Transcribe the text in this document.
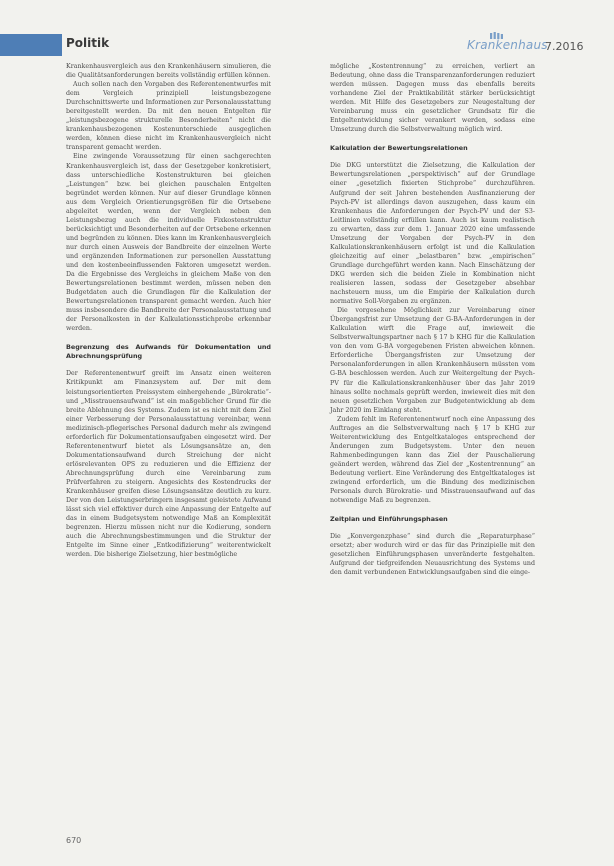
Politik	Krankenhaus
7.2016

Krankenhausvergleich aus den Krankenhäusern simulieren, die die Qualitätsanforderungen bereits vollständig erfüllen können.

Auch sollen nach den Vorgaben des Referentenentwurfes mit dem Vergleich prinzipiell leistungsbezogene Durchschnittswerte und Informationen zur Personalausstattung bereitgestellt werden. Da mit den neuen Entgelten für „leistungsbezogene strukturelle Besonderheiten“ nicht die krankenhausbezogenen Kostenunterschiede ausgeglichen werden, können diese nicht im Krankenhausvergleich nicht transparent gemacht werden.

Eine zwingende Voraussetzung für einen sachgerechten Krankenhausvergleich ist, dass der Gesetzgeber konkretisiert, dass unterschiedliche Kostenstrukturen bei gleichen „Leistungen“ bzw. bei gleichen pauschalen Entgelten begründet werden können. Nur auf dieser Grundlage können aus dem Vergleich Orientierungsgrößen für die Ortsebene abgeleitet werden, wenn der Vergleich neben den Leistungsbezug auch die individuelle Fixkostenstruktur berücksichtigt und Besonderheiten auf der Ortsebene erkennen und begründen zu können. Dies kann im Krankenhausvergleich nur durch einen Ausweis der Bandbreite der einzelnen Werte und ergänzenden Informationen zur personellen Ausstattung und den kostenbeeinflussenden Faktoren umgesetzt werden. Da die Ergebnisse des Vergleichs in gleichem Maße von den Bewertungsrelationen bestimmt werden, müssen neben den Budgetdaten auch die Grundlagen für die Kalkulation der Bewertungsrelationen transparent gemacht werden. Auch hier muss insbesondere die Bandbreite der Personalausstattung und der Personalkosten in der Kalkulationsstichprobe erkennbar werden.

Begrenzung des Aufwands für Dokumentation und Abrechnungsprüfung

Der Referentenentwurf greift im Ansatz einen weiteren Kritikpunkt am Finanzsystem auf. Der mit dem leistungsorientierten Preissystem einhergehende „Bürokratie“- und „Misstrauensaufwand“ ist ein maßgeblicher Grund für die breite Ablehnung des Systems. Zudem ist es nicht mit dem Ziel einer Verbesserung der Personalausstattung vereinbar, wenn medizinisch-pflegerisches Personal dadurch mehr als zwingend erforderlich für Dokumentationsaufgaben eingesetzt wird. Der Referentenentwurf bietet als Lösungsansätze an, den Dokumentationsaufwand durch Streichung der nicht erlösrelevanten OPS zu reduzieren und die Effizienz der Abrechnungsprüfung durch eine Vereinbarung zum Prüfverfahren zu steigern. Angesichts des Kostendrucks der Krankenhäuser greifen diese Lösungsansätze deutlich zu kurz. Der von den Leistungserbringern insgesamt geleistete Aufwand lässt sich viel effektiver durch eine Anpassung der Entgelte auf das in einem Budgetsystem notwendige Maß an Komplexität begrenzen. Hierzu müssen nicht nur die Kodierung, sondern auch die Abrechnungsbestimmungen und die Struktur der Entgelte im Sinne einer „Entkodifizierung“ weiterentwickelt werden. Die bisherige Zielsetzung, hier bestmögliche

mögliche „Kostentrennung“ zu erreichen, verliert an Bedeutung, ohne dass die Transparenzanforderungen reduziert werden müssen. Dagegen muss das ebenfalls bereits vorhandene Ziel der Praktikabilität stärker berücksichtigt werden. Mit Hilfe des Gesetzgebers zur Neugestaltung der Vereinbarung muss ein gesetzlicher Grundsatz für die Entgeltentwicklung sicher verankert werden, sodass eine Umsetzung durch die Selbstverwaltung möglich wird.

Kalkulation der Bewertungsrelationen

Die DKG unterstützt die Zielsetzung, die Kalkulation der Bewertungsrelationen „perspektivisch“ auf der Grundlage einer „gesetzlich fixierten Stichprobe“ durchzuführen. Aufgrund der seit Jahren bestehenden Ausfinanzierung der Psych-PV ist allerdings davon auszugehen, dass kaum ein Krankenhaus die Anforderungen der Psych-PV und der S3-Leitlinien vollständig erfüllen kann. Auch ist kaum realistisch zu erwarten, dass zur dem 1. Januar 2020 eine umfassende Umsetzung der Vorgaben der Psych-PV in den Kalkulationskrankenhäusern erfolgt ist und die Kalkulation gleichzeitig auf einer „belastbaren“ bzw. „empirischen“ Grundlage durchgeführt werden kann. Nach Einschätzung der DKG werden sich die beiden Ziele in Kombination nicht realisieren lassen, sodass der Gesetzgeber absehbar nachsteuern muss, um die Empirie der Kalkulation durch normative Soll-Vorgaben zu ergänzen.

Die vorgesehene Möglichkeit zur Vereinbarung einer Übergangsfrist zur Umsetzung der G-BA-Anforderungen in der Kalkulation wirft die Frage auf, inwieweit die Selbstverwaltungspartner nach § 17 b KHG für die Kalkulation von den vom G-BA vorgegebenen Fristen abweichen können. Erforderliche Übergangsfristen zur Umsetzung der Personalanforderungen in allen Krankenhäusern müssten vom G-BA beschlossen werden. Auch zur Weitergeltung der Psych-PV für die Kalkulationskrankenhäuser über das Jahr 2019 hinaus sollte nochmals geprüft werden, inwieweit dies mit den neuen gesetzlichen Vorgaben zur Budgetentwicklung ab dem Jahr 2020 im Einklang steht.

Zudem fehlt im Referentenentwurf noch eine Anpassung des Auftrages an die Selbstverwaltung nach § 17 b KHG zur Weiterentwicklung des Entgeltkataloges entsprechend der Änderungen zum Budgetsystem. Unter den neuen Rahmenbedingungen kann das Ziel der Pauschalierung geändert werden, während das Ziel der „Kostentrennung“ an Bedeutung verliert. Eine Veränderung des Entgeltkataloges ist zwingend erforderlich, um die Bindung des medizinischen Personals durch Bürokratie- und Misstrauensaufwand auf das notwendige Maß zu begrenzen.

Zeitplan und Einführungsphasen

Die „Konvergenzphase“ sind durch die „Reparaturphase“ ersetzt; aber wodurch wird er das für das Prinzipielle mit den gesetzlichen Einführungsphasen unveränderte festgehalten. Aufgrund der tiefgreifenden Neuausrichtung des Systems und den damit verbundenen Entwicklungsaufgaben sind die einge-

670
